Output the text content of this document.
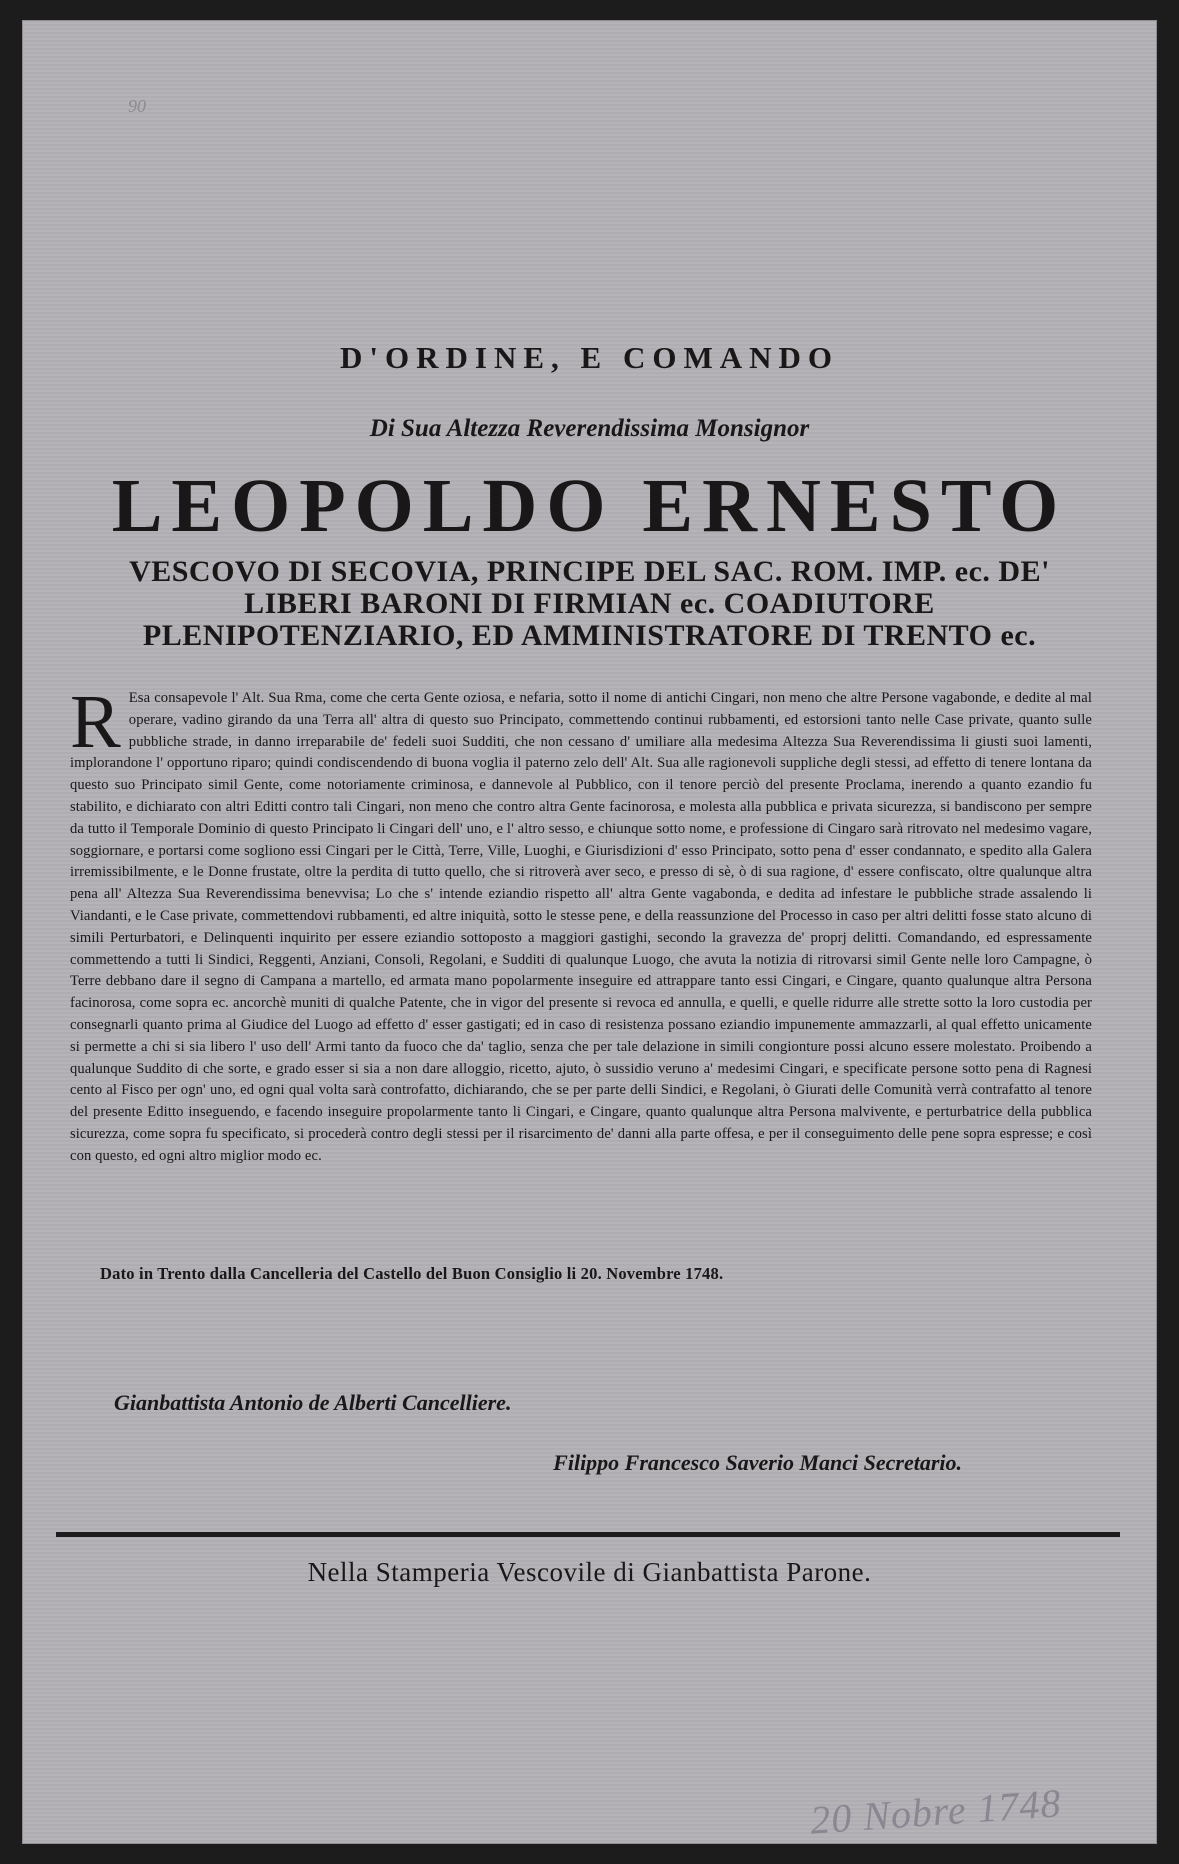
90
D'ORDINE, E COMANDO
Di Sua Altezza Reverendissima Monsignor
LEOPOLDO ERNESTO
VESCOVO DI SECOVIA, PRINCIPE DEL SAC. ROM. IMP. ec. DE' LIBERI BARONI DI FIRMIAN ec. COADIUTORE PLENIPOTENZIARIO, ED AMMINISTRATORE DI TRENTO ec.
R Esa consapevole l' Alt. Sua Rma, come che certa Gente oziosa, e nefaria, sotto il nome di antichi Cingari, non meno che altre Persone vagabonde, e dedite al mal operare, vadino girando da una Terra all' altra di questo suo Principato, commettendo continui rubbamenti, ed estorsioni tanto nelle Case private, quanto sulle pubbliche strade, in danno irreparabile de' fedeli suoi Sudditi, che non cessano d' umiliare alla medesima Altezza Sua Reverendissima li giusti suoi lamenti, implorandone l' opportuno riparo; quindi condiscendendo di buona voglia il paterno zelo dell' Alt. Sua alle ragionevoli suppliche degli stessi, ad effetto di tenere lontana da questo suo Principato simil Gente, come notoriamente criminosa, e dannevole al Pubblico, con il tenore perciò del presente Proclama, inerendo a quanto ezandio fu stabilito, e dichiarato con altri Editti contro tali Cingari, non meno che contro altra Gente facinorosa, e molesta alla pubblica e privata sicurezza, si bandiscono per sempre da tutto il Temporale Dominio di questo Principato li Cingari dell' uno, e l' altro sesso, e chiunque sotto nome, e professione di Cingaro sarà ritrovato nel medesimo vagare, soggiornare, e portarsi come sogliono essi Cingari per le Città, Terre, Ville, Luoghi, e Giurisdizioni d' esso Principato, sotto pena d' esser condannato, e spedito alla Galera irremissibilmente, e le Donne frustate, oltre la perdita di tutto quello, che si ritroverà aver seco, e presso di sè, ò di sua ragione, d' essere confiscato, oltre qualunque altra pena all' Altezza Sua Reverendissima benevvisa; Lo che s' intende eziandio rispetto all' altra Gente vagabonda, e dedita ad infestare le pubbliche strade assalendo li Viandanti, e le Case private, commettendovi rubbamenti, ed altre iniquità, sotto le stesse pene, e della reassunzione del Processo in caso per altri delitti fosse stato alcuno di simili Perturbatori, e Delinquenti inquirito per essere eziandio sottoposto a maggiori gastighi, secondo la gravezza de' proprj delitti. Comandando, ed espressamente commettendo a tutti li Sindici, Reggenti, Anziani, Consoli, Regolani, e Sudditi di qualunque Luogo, che avuta la notizia di ritrovarsi simil Gente nelle loro Campagne, ò Terre debbano dare il segno di Campana a martello, ed armata mano popolarmente inseguire ed attrappare tanto essi Cingari, e Cingare, quanto qualunque altra Persona facinorosa, come sopra ec. ancorchè muniti di qualche Patente, che in vigor del presente si revoca ed annulla, e quelli, e quelle ridurre alle strette sotto la loro custodia per consegnarli quanto prima al Giudice del Luogo ad effetto d' esser gastigati; ed in caso di resistenza possano eziandio impunemente ammazzarli, al qual effetto unicamente si permette a chi si sia libero l' uso dell' Armi tanto da fuoco che da' taglio, senza che per tale delazione in simili congionture possi alcuno essere molestato. Proibendo a qualunque Suddito di che sorte, e grado esser si sia a non dare alloggio, ricetto, ajuto, ò sussidio veruno a' medesimi Cingari, e specificate persone sotto pena di Ragnesi cento al Fisco per ogn' uno, ed ogni qual volta sarà controfatto, dichiarando, che se per parte delli Sindici, e Regolani, ò Giurati delle Comunità verrà contrafatto al tenore del presente Editto inseguendo, e facendo inseguire propolarmente tanto li Cingari, e Cingare, quanto qualunque altra Persona malvivente, e perturbatrice della pubblica sicurezza, come sopra fu specificato, si procederà contro degli stessi per il risarcimento de' danni alla parte offesa, e per il conseguimento delle pene sopra espresse; e così con questo, ed ogni altro miglior modo ec.
Dato in Trento dalla Cancelleria del Castello del Buon Consiglio li 20. Novembre 1748.
Gianbattista Antonio de Alberti Cancelliere.
Filippo Francesco Saverio Manci Secretario.
Nella Stamperia Vescovile di Gianbattista Parone.
20 Nobre 1748
